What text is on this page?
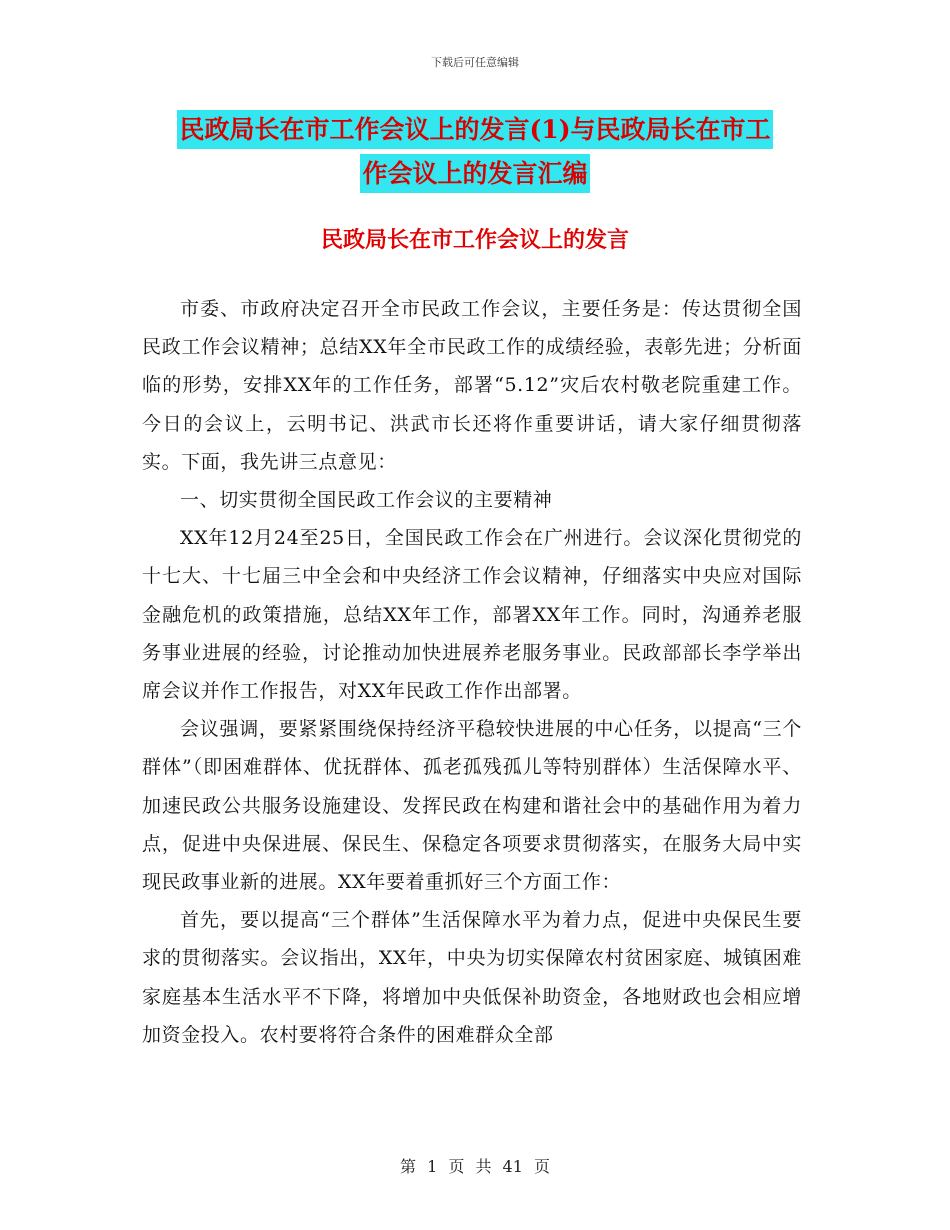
下载后可任意编辑
民政局长在市工作会议上的发言(1)与民政局长在市工
作会议上的发言汇编
民政局长在市工作会议上的发言

市委、市政府决定召开全市民政工作会议，主要任务是：传达贯彻全国民政工作会议精神；总结XX年全市民政工作的成绩经验，表彰先进；分析面临的形势，安排XX年的工作任务，部署“5.12”灾后农村敬老院重建工作。今日的会议上，云明书记、洪武市长还将作重要讲话，请大家仔细贯彻落实。下面，我先讲三点意见：

一、切实贯彻全国民政工作会议的主要精神

XX年12月24至25日，全国民政工作会在广州进行。会议深化贯彻党的十七大、十七届三中全会和中央经济工作会议精神，仔细落实中央应对国际金融危机的政策措施，总结XX年工作，部署XX年工作。同时，沟通养老服务事业进展的经验，讨论推动加快进展养老服务事业。民政部部长李学举出席会议并作工作报告，对XX年民政工作作出部署。

会议强调，要紧紧围绕保持经济平稳较快进展的中心任务，以提高“三个群体”（即困难群体、优抚群体、孤老孤残孤儿等特别群体）生活保障水平、加速民政公共服务设施建设、发挥民政在构建和谐社会中的基础作用为着力点，促进中央保进展、保民生、保稳定各项要求贯彻落实，在服务大局中实现民政事业新的进展。XX年要着重抓好三个方面工作：

首先，要以提高“三个群体”生活保障水平为着力点，促进中央保民生要求的贯彻落实。会议指出，XX年，中央为切实保障农村贫困家庭、城镇困难家庭基本生活水平不下降，将增加中央低保补助资金，各地财政也会相应增加资金投入。农村要将符合条件的困难群众全部

第 1 页 共 41 页
